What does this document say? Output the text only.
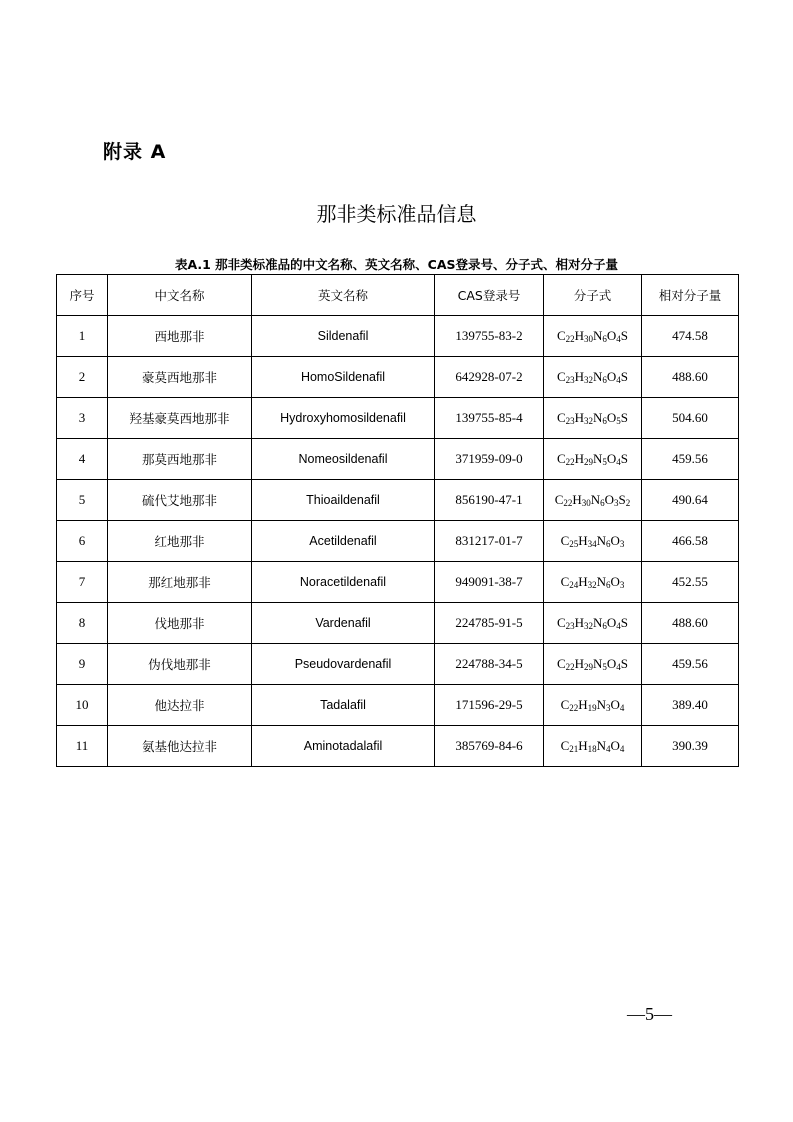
附录 A
那非类标准品信息
表A.1 那非类标准品的中文名称、英文名称、CAS登录号、分子式、相对分子量
序号	中文名称	英文名称	CAS登录号	分子式	相对分子量
1	西地那非	Sildenafil	139755-83-2	$C_{22}H_{30}N_6O_4S$	474.58
2	豪莫西地那非	HomoSildenafil	642928-07-2	$C_{23}H_{32}N_6O_4S$	488.60
3	羟基豪莫西地那非	Hydroxyhomosildenafil	139755-85-4	$C_{23}H_{32}N_6O_5S$	504.60
4	那莫西地那非	Nomeosildenafil	371959-09-0	$C_{22}H_{29}N_5O_4S$	459.56
5	硫代艾地那非	Thioaildenafil	856190-47-1	$C_{22}H_{30}N_6O_3S_2$	490.64
6	红地那非	Acetildenafil	831217-01-7	$C_{25}H_{34}N_6O_3$	466.58
7	那红地那非	Noracetildenafil	949091-38-7	$C_{24}H_{32}N_6O_3$	452.55
8	伐地那非	Vardenafil	224785-91-5	$C_{23}H_{32}N_6O_4S$	488.60
9	伪伐地那非	Pseudovardenafil	224788-34-5	$C_{22}H_{29}N_5O_4S$	459.56
10	他达拉非	Tadalafil	171596-29-5	$C_{22}H_{19}N_3O_4$	389.40
11	氨基他达拉非	Aminotadalafil	385769-84-6	$C_{21}H_{18}N_4O_4$	390.39
—5—
